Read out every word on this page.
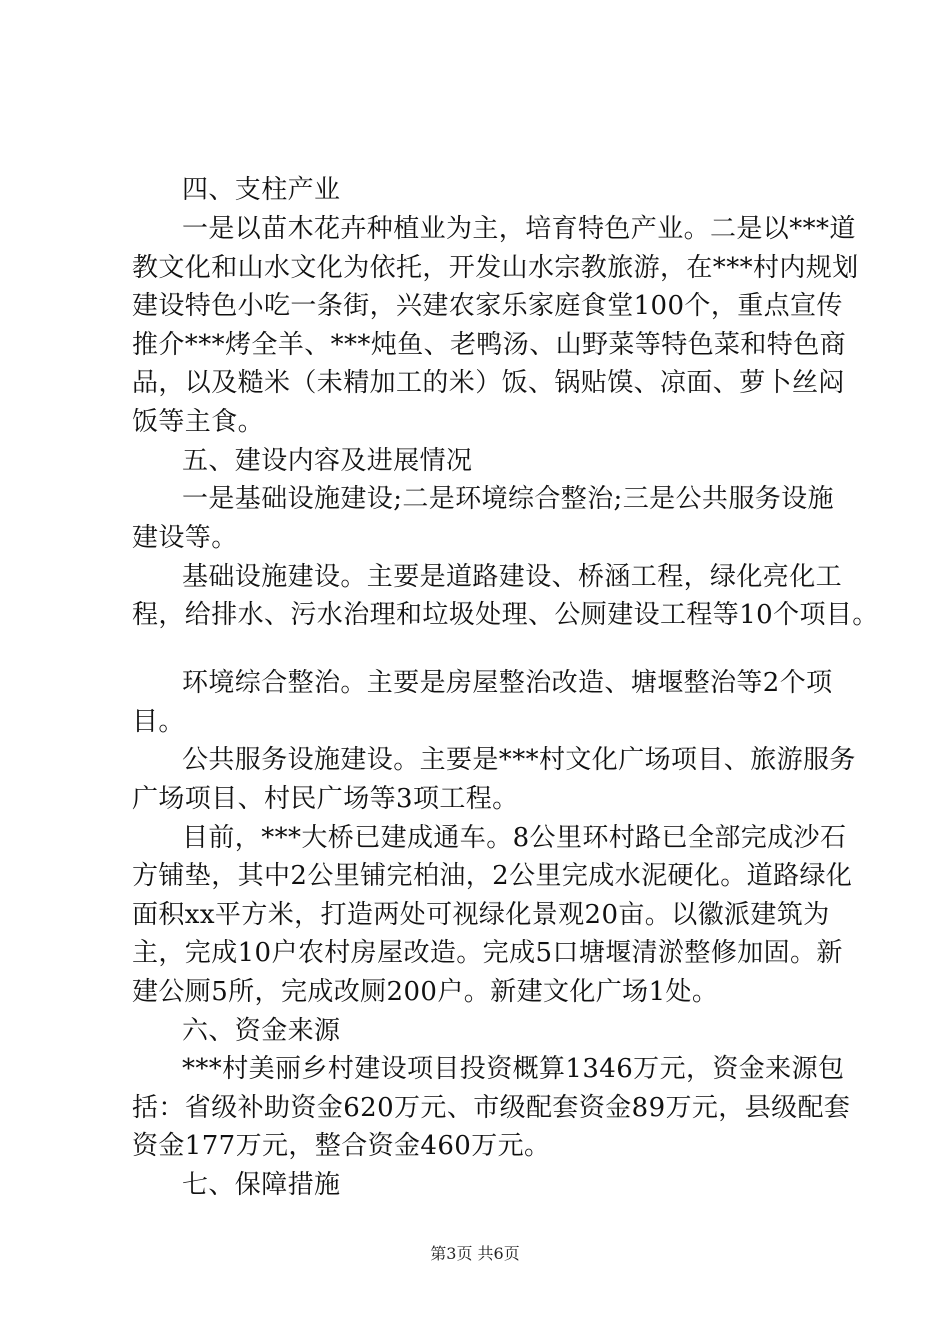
四、支柱产业
一是以苗木花卉种植业为主，培育特色产业。二是以***道
教文化和山水文化为依托，开发山水宗教旅游，在***村内规划
建设特色小吃一条街，兴建农家乐家庭食堂100个，重点宣传
推介***烤全羊、***炖鱼、老鸭汤、山野菜等特色菜和特色商
品，以及糙米（未精加工的米）饭、锅贴馍、凉面、萝卜丝闷
饭等主食。
五、建设内容及进展情况
一是基础设施建设;二是环境综合整治;三是公共服务设施
建设等。
基础设施建设。主要是道路建设、桥涵工程，绿化亮化工
程，给排水、污水治理和垃圾处理、公厕建设工程等10个项目。
环境综合整治。主要是房屋整治改造、塘堰整治等2个项
目。
公共服务设施建设。主要是***村文化广场项目、旅游服务
广场项目、村民广场等3项工程。
目前，***大桥已建成通车。8公里环村路已全部完成沙石
方铺垫，其中2公里铺完柏油，2公里完成水泥硬化。道路绿化
面积xx平方米，打造两处可视绿化景观20亩。以徽派建筑为
主，完成10户农村房屋改造。完成5口塘堰清淤整修加固。新
建公厕5所，完成改厕200户。新建文化广场1处。
六、资金来源
***村美丽乡村建设项目投资概算1346万元，资金来源包
括：省级补助资金620万元、市级配套资金89万元，县级配套
资金177万元，整合资金460万元。
七、保障措施
第3页 共6页
